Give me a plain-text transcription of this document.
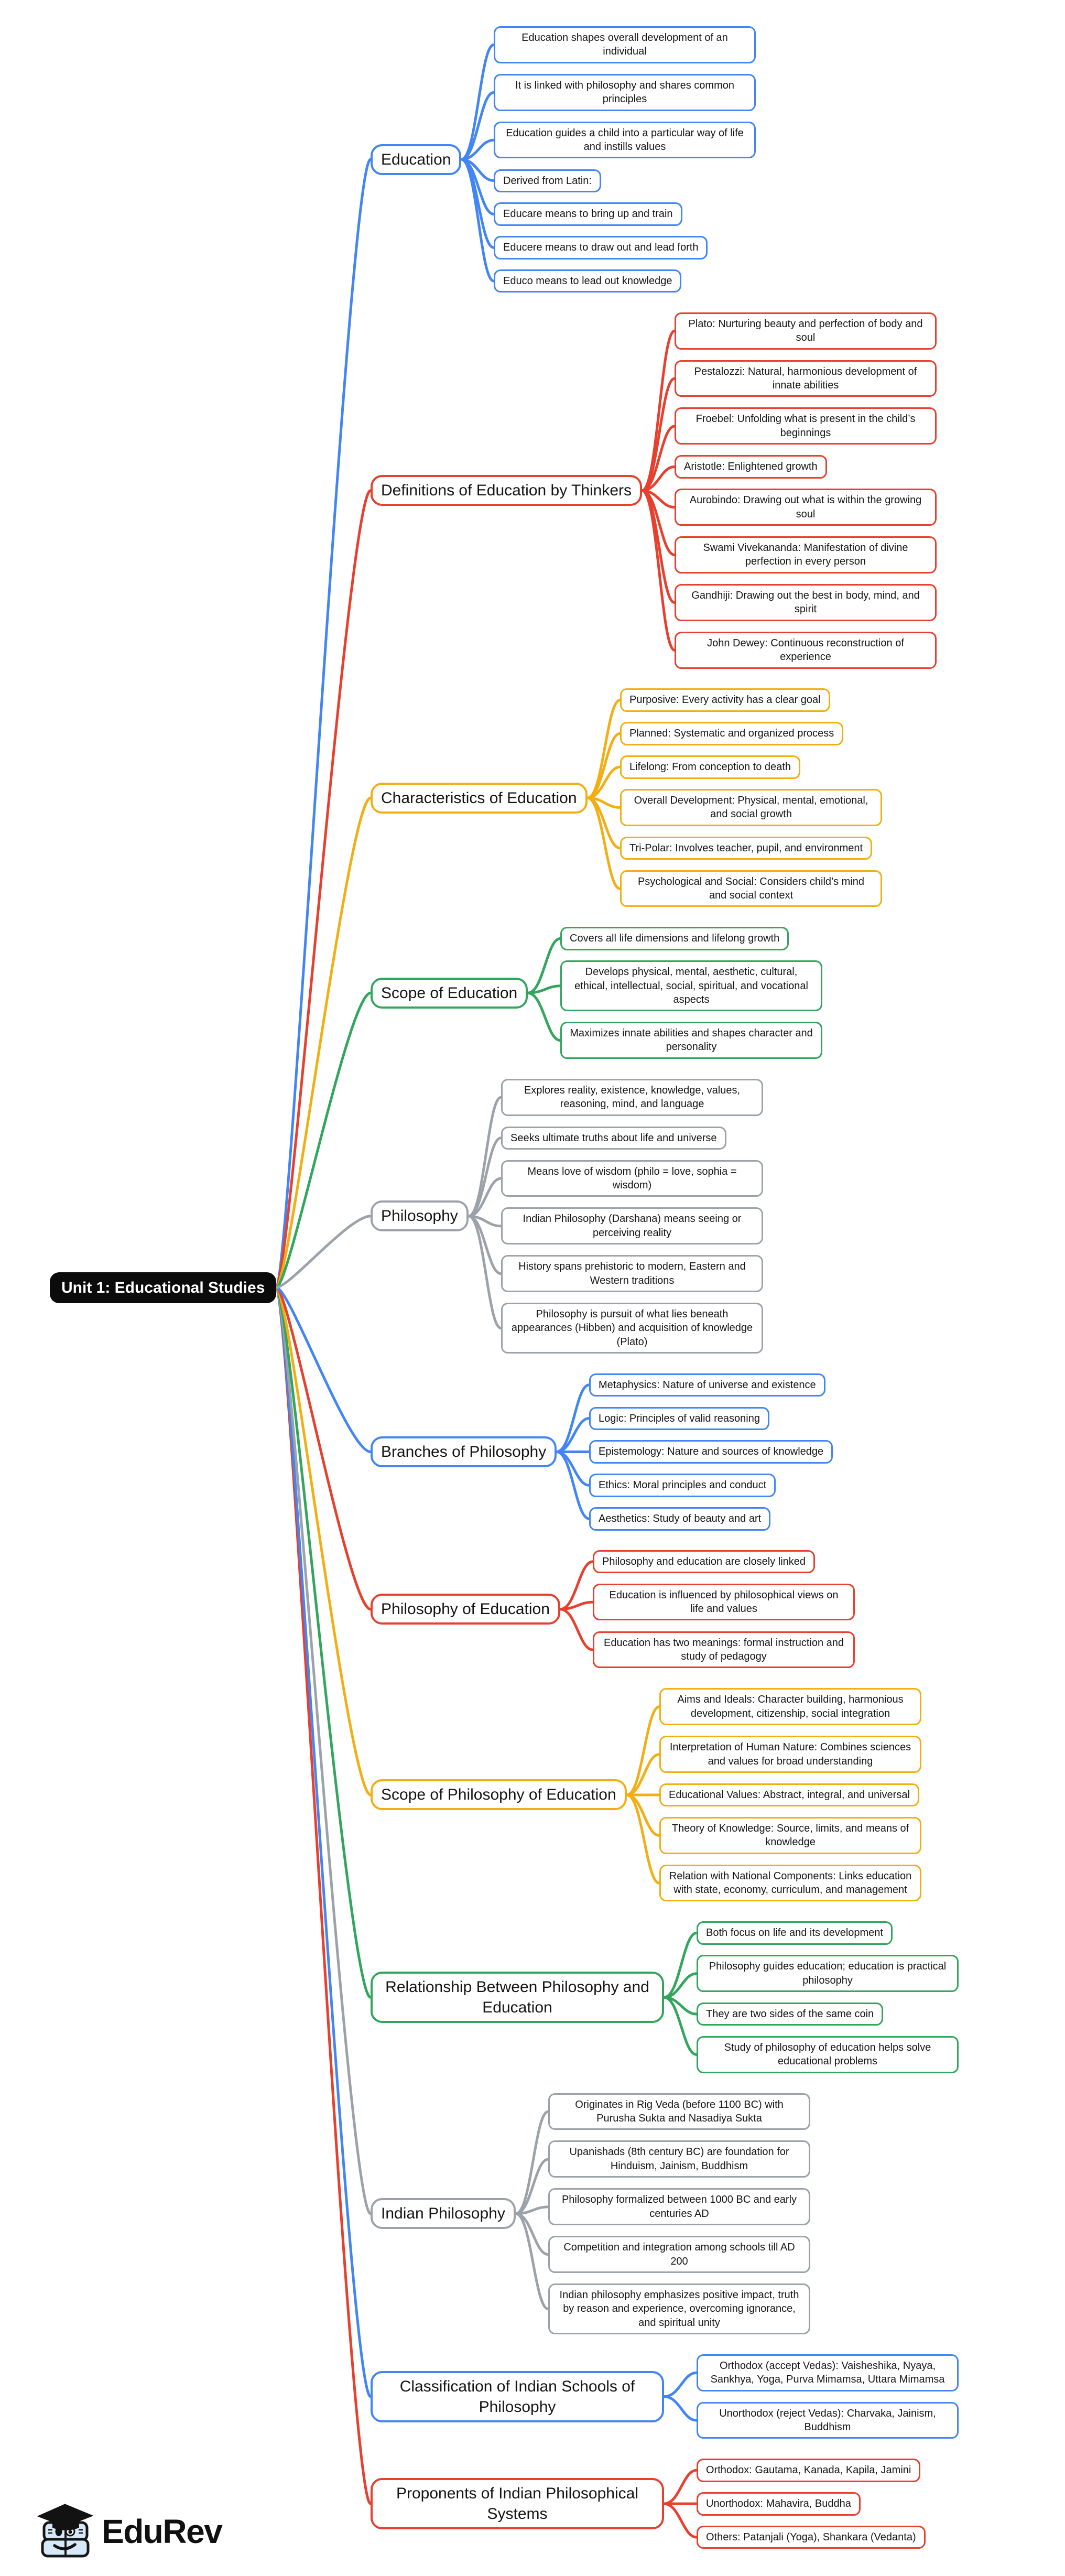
Unit 1: Educational Studies
EduRev
Education
Education shapes overall development of an individual
It is linked with philosophy and shares common principles
Education guides a child into a particular way of life and instills values
Derived from Latin:
Educare means to bring up and train
Educere means to draw out and lead forth
Educo means to lead out knowledge
Definitions of Education by Thinkers
Plato: Nurturing beauty and perfection of body and soul
Pestalozzi: Natural, harmonious development of innate abilities
Froebel: Unfolding what is present in the child’s beginnings
Aristotle: Enlightened growth
Aurobindo: Drawing out what is within the growing soul
Swami Vivekananda: Manifestation of divine perfection in every person
Gandhiji: Drawing out the best in body, mind, and spirit
John Dewey: Continuous reconstruction of experience
Characteristics of Education
Purposive: Every activity has a clear goal
Planned: Systematic and organized process
Lifelong: From conception to death
Overall Development: Physical, mental, emotional, and social growth
Tri-Polar: Involves teacher, pupil, and environment
Psychological and Social: Considers child’s mind and social context
Scope of Education
Covers all life dimensions and lifelong growth
Develops physical, mental, aesthetic, cultural, ethical, intellectual, social, spiritual, and vocational aspects
Maximizes innate abilities and shapes character and personality
Philosophy
Explores reality, existence, knowledge, values, reasoning, mind, and language
Seeks ultimate truths about life and universe
Means love of wisdom (philo = love, sophia = wisdom)
Indian Philosophy (Darshana) means seeing or perceiving reality
History spans prehistoric to modern, Eastern and Western traditions
Philosophy is pursuit of what lies beneath appearances (Hibben) and acquisition of knowledge (Plato)
Branches of Philosophy
Metaphysics: Nature of universe and existence
Logic: Principles of valid reasoning
Epistemology: Nature and sources of knowledge
Ethics: Moral principles and conduct
Aesthetics: Study of beauty and art
Philosophy of Education
Philosophy and education are closely linked
Education is influenced by philosophical views on life and values
Education has two meanings: formal instruction and study of pedagogy
Scope of Philosophy of Education
Aims and Ideals: Character building, harmonious development, citizenship, social integration
Interpretation of Human Nature: Combines sciences and values for broad understanding
Educational Values: Abstract, integral, and universal
Theory of Knowledge: Source, limits, and means of knowledge
Relation with National Components: Links education with state, economy, curriculum, and management
Relationship Between Philosophy and Education
Both focus on life and its development
Philosophy guides education; education is practical philosophy
They are two sides of the same coin
Study of philosophy of education helps solve educational problems
Indian Philosophy
Originates in Rig Veda (before 1100 BC) with Purusha Sukta and Nasadiya Sukta
Upanishads (8th century BC) are foundation for Hinduism, Jainism, Buddhism
Philosophy formalized between 1000 BC and early centuries AD
Competition and integration among schools till AD 200
Indian philosophy emphasizes positive impact, truth by reason and experience, overcoming ignorance, and spiritual unity
Classification of Indian Schools of Philosophy
Orthodox (accept Vedas): Vaisheshika, Nyaya, Sankhya, Yoga, Purva Mimamsa, Uttara Mimamsa
Unorthodox (reject Vedas): Charvaka, Jainism, Buddhism
Proponents of Indian Philosophical Systems
Orthodox: Gautama, Kanada, Kapila, Jamini
Unorthodox: Mahavira, Buddha
Others: Patanjali (Yoga), Shankara (Vedanta)
